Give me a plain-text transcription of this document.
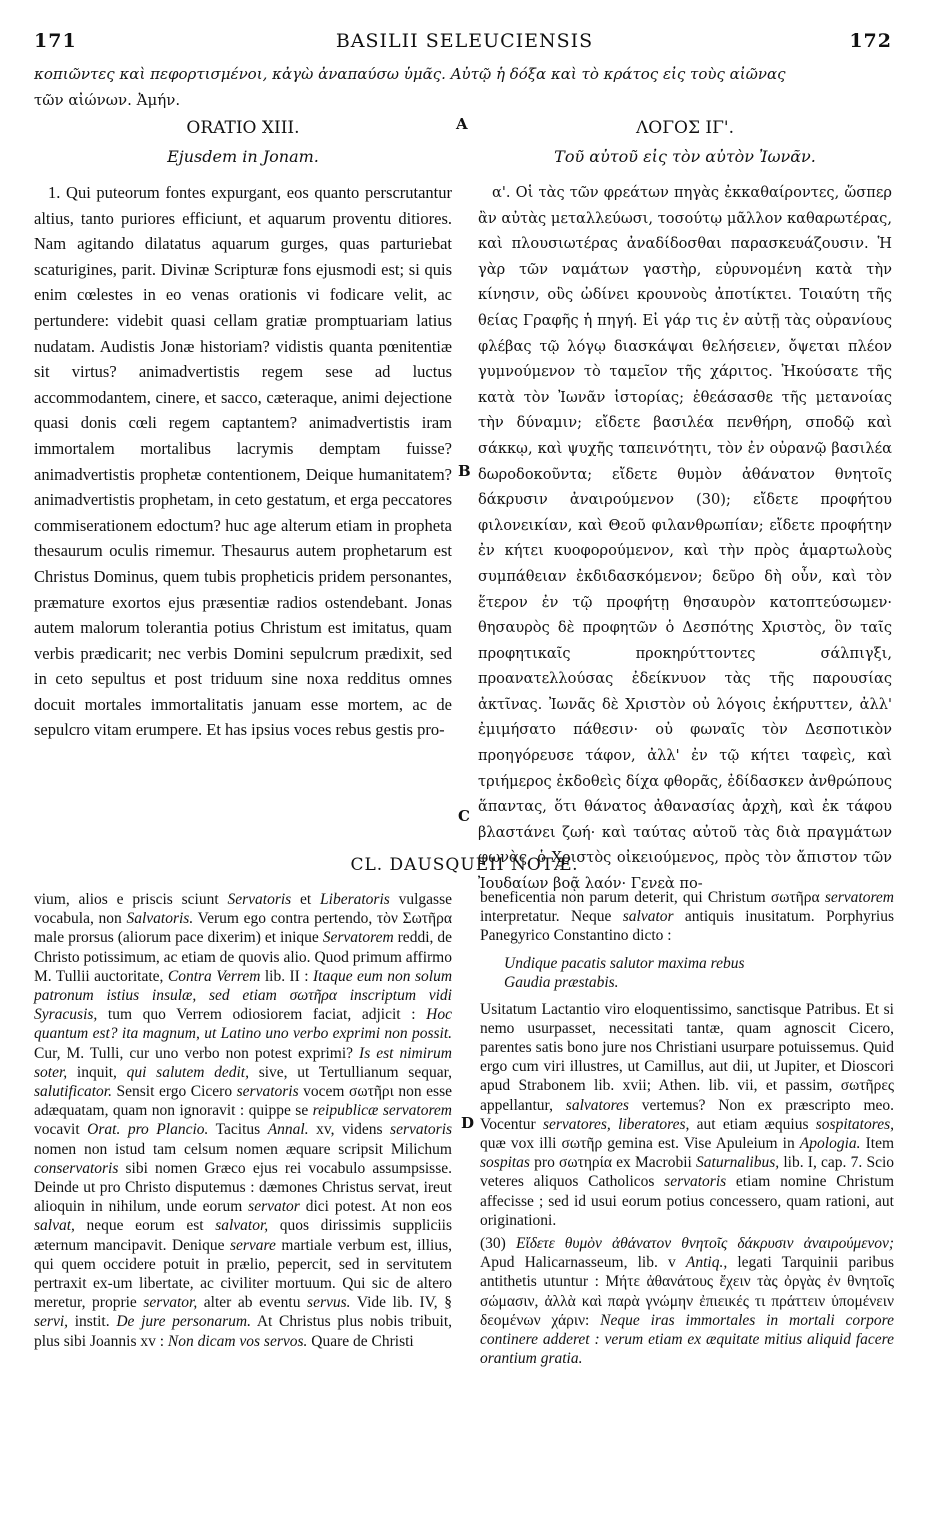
171	BASILII SELEUCIENSIS	172
κοπιῶντες καὶ πεφορτισμένοι, κἀγὼ ἀναπαύσω ὑμᾶς. Αὐτῷ ἡ δόξα καὶ τὸ κράτος εἰς τοὺς αἰῶνας
τῶν αἰώνων. Ἀμήν.
ORATIO XIII.
Ejusdem in Jonam.
ΛΟΓΟΣ ΙΓ'.
Τοῦ αὐτοῦ εἰς τὸν αὐτὸν Ἰωνᾶν.
A
B
C
D

1. Qui puteorum fontes expurgant, eos quanto perscrutantur altius, tanto puriores efficiunt, et aquarum proventu ditiores. Nam agitando dilatatus aquarum gurges, quas parturiebat scaturigines, parit. Divinæ Scripturæ fons ejusmodi est; si quis enim cœlestes in eo venas orationis vi fodicare velit, ac pertundere: videbit quasi cellam gratiæ promptuariam latius nudatam. Audistis Jonæ historiam? vidistis quanta pœnitentiæ sit virtus? animadvertistis regem sese ad luctus accommodantem, cinere, et sacco, cæteraque, animi dejectione quasi donis cœli regem captantem? animadvertistis iram immortalem mortalibus lacrymis demptam fuisse? animadvertistis prophetæ contentionem, Deique humanitatem? animadvertistis prophetam, in ceto gestatum, et erga peccatores commiserationem edoctum? huc age alterum etiam in propheta thesaurum oculis rimemur. Thesaurus autem prophetarum est Christus Dominus, quem tubis propheticis pridem personantes, præmature exortos ejus præsentiæ radios ostendebant. Jonas autem malorum tolerantia potius Christum est imitatus, quam verbis prædicarit; nec verbis Domini sepulcrum prædixit, sed in ceto sepultus et post triduum sine noxa redditus omnes docuit mortales immortalitatis januam esse mortem, ac de sepulcro vitam erumpere. Et has ipsius voces rebus gestis pro-

α'. Οἱ τὰς τῶν φρεάτων πηγὰς ἐκκαθαίροντες, ὥσπερ ἂν αὐτὰς μεταλλεύωσι, τοσούτῳ μᾶλλον καθαρωτέρας, καὶ πλουσιωτέρας ἀναδίδοσθαι παρασκευάζουσιν. Ἡ γὰρ τῶν ναμάτων γαστὴρ, εὐρυνομένη κατὰ τὴν κίνησιν, οὓς ὠδίνει κρουνοὺς ἀποτίκτει. Τοιαύτη τῆς θείας Γραφῆς ἡ πηγή. Εἰ γάρ τις ἐν αὐτῇ τὰς οὐρανίους φλέβας τῷ λόγῳ διασκάψαι θελήσειεν, ὄψεται πλέον γυμνούμενον τὸ ταμεῖον τῆς χάριτος. Ἠκούσατε τῆς κατὰ τὸν Ἰωνᾶν ἱστορίας; ἐθεάσασθε τῆς μετανοίας τὴν δύναμιν; εἴδετε βασιλέα πενθήρη, σποδῷ καὶ σάκκῳ, καὶ ψυχῆς ταπεινότητι, τὸν ἐν οὐρανῷ βασιλέα δωροδοκοῦντα; εἴδετε θυμὸν ἀθάνατον θνητοῖς δάκρυσιν ἀναιρούμενον (30); εἴδετε προφήτου φιλονεικίαν, καὶ Θεοῦ φιλανθρωπίαν; εἴδετε προφήτην ἐν κήτει κυοφορούμενον, καὶ τὴν πρὸς ἁμαρτωλοὺς συμπάθειαν ἐκδιδασκόμενον; δεῦρο δὴ οὖν, καὶ τὸν ἕτερον ἐν τῷ προφήτῃ θησαυρὸν κατοπτεύσωμεν· θησαυρὸς δὲ προφητῶν ὁ Δεσπότης Χριστὸς, ὃν ταῖς προφητικαῖς προκηρύττοντες σάλπιγξι, προανατελλούσας ἐδείκνυον τὰς τῆς παρουσίας ἀκτῖνας. Ἰωνᾶς δὲ Χριστὸν οὐ λόγοις ἐκήρυττεν, ἀλλ' ἐμιμήσατο πάθεσιν· οὐ φωναῖς τὸν Δεσποτικὸν προηγόρευσε τάφον, ἀλλ' ἐν τῷ κήτει ταφεὶς, καὶ τριήμερος ἐκδοθεὶς δίχα φθορᾶς, ἐδίδασκεν ἀνθρώπους ἅπαντας, ὅτι θάνατος ἀθανασίας ἀρχὴ, καὶ ἐκ τάφου βλαστάνει ζωή· καὶ ταύτας αὐτοῦ τὰς διὰ πραγμάτων φωνὰς, ὁ Χριστὸς οἰκειούμενος, πρὸς τὸν ἄπιστον τῶν Ἰουδαίων βοᾷ λαόν· Γενεὰ πο-

CL. DAUSQUEII NOTÆ.

vium, alios e priscis sciunt Servatoris et Liberatoris vulgasse vocabula, non Salvatoris. Verum ego contra pertendo, τὸν Σωτῆρα male prorsus (aliorum pace dixerim) et inique Servatorem reddi, de Christo potissimum, ac etiam de quovis alio. Quod primum affirmo M. Tullii auctoritate, Contra Verrem lib. II : Itaque eum non solum patronum istius insulæ, sed etiam σωτῆρα inscriptum vidi Syracusis, tum quo Verrem odiosiorem faciat, adjicit : Hoc quantum est? ita magnum, ut Latino uno verbo exprimi non possit. Cur, M. Tulli, cur uno verbo non potest exprimi? Is est nimirum soter, inquit, qui salutem dedit, sive, ut Tertullianum sequar, salutificator. Sensit ergo Cicero servatoris vocem σωτῆρι non esse adæquatam, quam non ignoravit : quippe se reipublicæ servatorem vocavit Orat. pro Plancio. Tacitus Annal. xv, videns servatoris nomen non istud tam celsum nomen æquare scripsit Milichum conservatoris sibi nomen Græco ejus rei vocabulo assumpsisse. Deinde ut pro Christo disputemus : dæmones Christus servat, ireut alioquin in nihilum, unde eorum servator dici potest. At non eos salvat, neque eorum est salvator, quos dirissimis suppliciis æternum mancipavit. Denique servare martiale verbum est, illius, qui quem occidere potuit in prælio, pepercit, sed in servitutem pertraxit ex-um libertate, ac civiliter mortuum. Qui sic de altero meretur, proprie servator, alter ab eventu servus. Vide lib. IV, § servi, instit. De jure personarum. At Christus plus nobis tribuit, plus sibi Joannis xv : Non dicam vos servos. Quare de Christi

beneficentia non parum deterit, qui Christum σωτῆρα servatorem interpretatur. Neque salvator antiquis inusitatum. Porphyrius Panegyrico Constantino dicto :

Undique pacatis salutor maxima rebus
Gaudia præstabis.

Usitatum Lactantio viro eloquentissimo, sanctisque Patribus. Et si nemo usurpasset, necessitati tantæ, quam agnoscit Cicero, parentes satis bono jure nos Christiani usurpare potuissemus. Quid ergo cum viri illustres, ut Camillus, aut dii, ut Jupiter, et Dioscori apud Strabonem lib. xvii; Athen. lib. vii, et passim, σωτῆρες appellantur, salvatores vertemus? Non ex præscripto meo. Vocentur servatores, liberatores, aut etiam æquius sospitatores, quæ vox illi σωτῆρ gemina est. Vise Apuleium in Apologia. Item sospitas pro σωτηρία ex Macrobii Saturnalibus, lib. I, cap. 7. Scio veteres aliquos Catholicos servatoris etiam nomine Christum affecisse ; sed id usui eorum potius concessero, quam rationi, aut originationi.

(30) Εἴδετε θυμὸν ἀθάνατον θνητοῖς δάκρυσιν ἀναιρούμενον; Apud Halicarnasseum, lib. v Antiq., legati Tarquinii paribus antithetis utuntur : Μήτε ἀθανάτους ἔχειν τὰς ὀργὰς ἐν θνητοῖς σώμασιν, ἀλλὰ καὶ παρὰ γνώμην ἐπιεικές τι πράττειν ὑπομένειν δεομένων χάριν: Neque iras immortales in mortali corpore continere adderet : verum etiam ex æquitate mitius aliquid facere orantium gratia.
